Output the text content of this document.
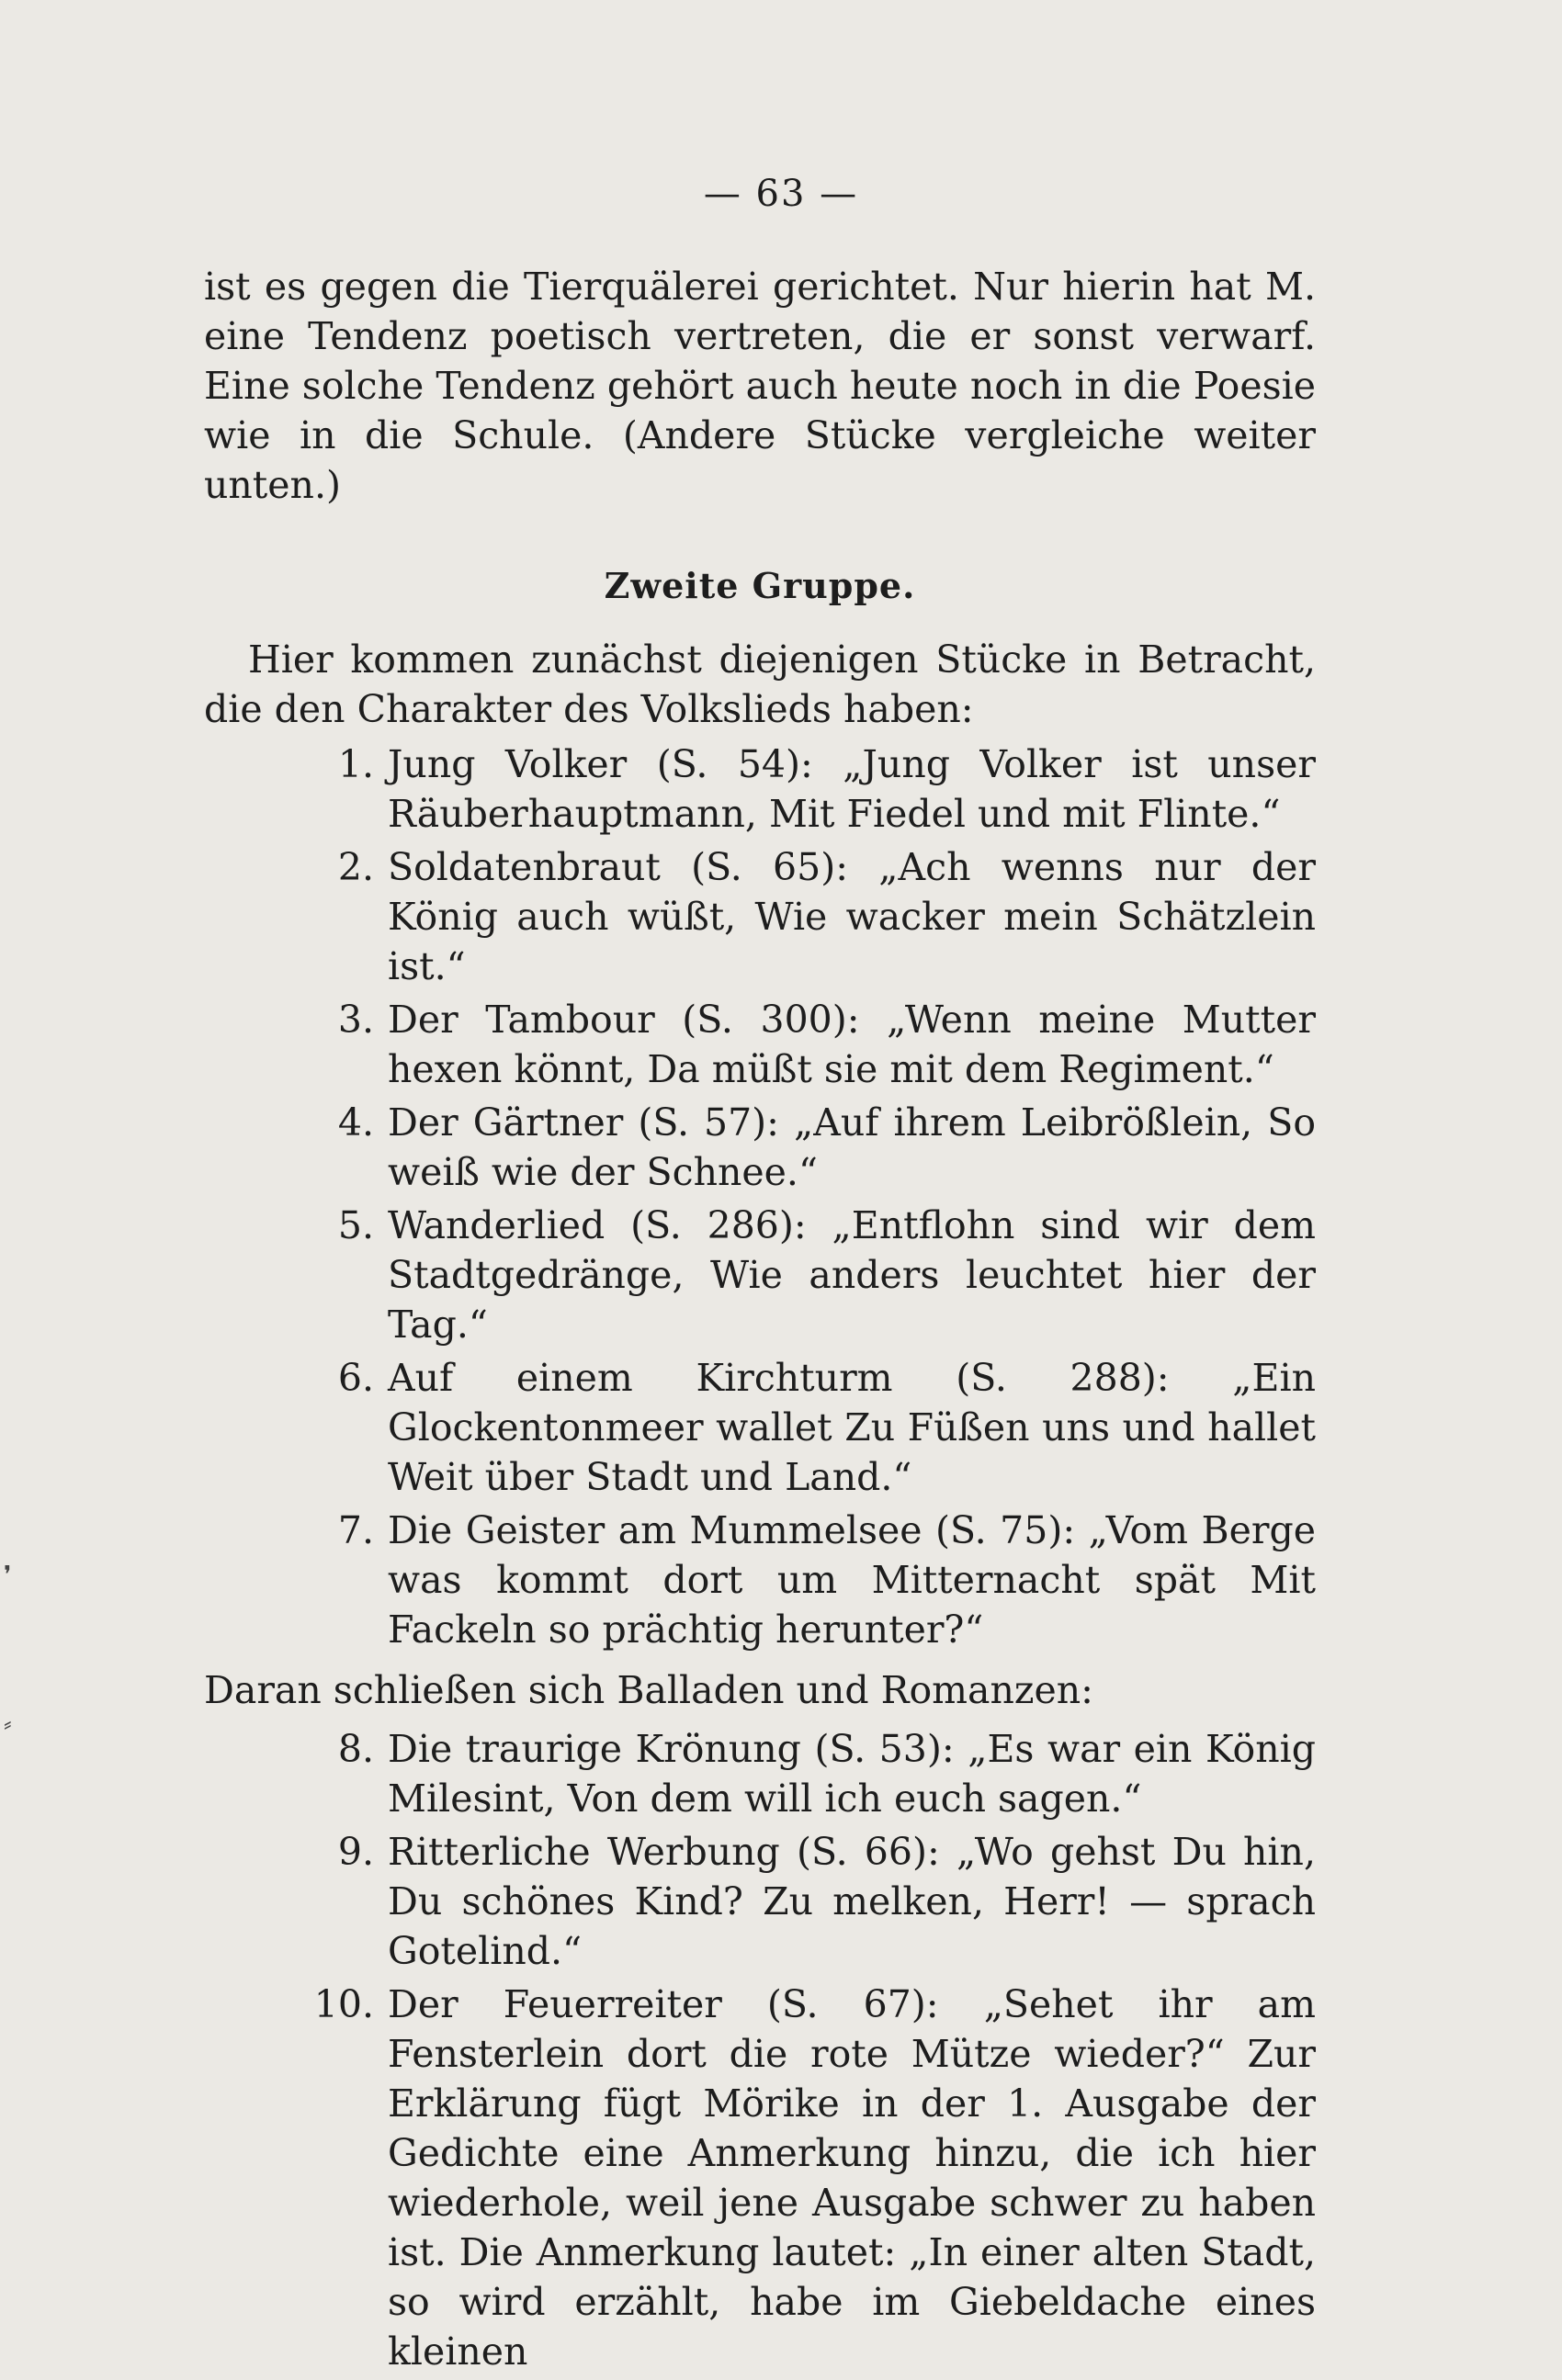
— 63 —
ist es gegen die Tierquälerei gerichtet. Nur hierin hat M. eine Tendenz poetisch vertreten, die er sonst verwarf. Eine solche Tendenz gehört auch heute noch in die Poesie wie in die Schule. (Andere Stücke vergleiche weiter unten.)
Zweite Gruppe.
Hier kommen zunächst diejenigen Stücke in Betracht, die den Charakter des Volkslieds haben:
1. Jung Volker (S. 54): „Jung Volker ist unser Räuberhauptmann, Mit Fiedel und mit Flinte.“
2. Soldatenbraut (S. 65): „Ach wenns nur der König auch wüßt, Wie wacker mein Schätzlein ist.“
3. Der Tambour (S. 300): „Wenn meine Mutter hexen könnt, Da müßt sie mit dem Regiment.“
4. Der Gärtner (S. 57): „Auf ihrem Leibrößlein, So weiß wie der Schnee.“
5. Wanderlied (S. 286): „Entflohn sind wir dem Stadtgedränge, Wie anders leuchtet hier der Tag.“
6. Auf einem Kirchturm (S. 288): „Ein Glockentonmeer wallet Zu Füßen uns und hallet Weit über Stadt und Land.“
7. Die Geister am Mummelsee (S. 75): „Vom Berge was kommt dort um Mitternacht spät Mit Fackeln so prächtig herunter?“
Daran schließen sich Balladen und Romanzen:
8. Die traurige Krönung (S. 53): „Es war ein König Milesint, Von dem will ich euch sagen.“
9. Ritterliche Werbung (S. 66): „Wo gehst Du hin, Du schönes Kind? Zu melken, Herr! — sprach Gotelind.“
10. Der Feuerreiter (S. 67): „Sehet ihr am Fensterlein dort die rote Mütze wieder?“ Zur Erklärung fügt Mörike in der 1. Ausgabe der Gedichte eine Anmerkung hinzu, die ich hier wiederhole, weil jene Ausgabe schwer zu haben ist. Die Anmerkung lautet: „In einer alten Stadt, so wird erzählt, habe im Giebeldache eines kleinen
❜
⸗
